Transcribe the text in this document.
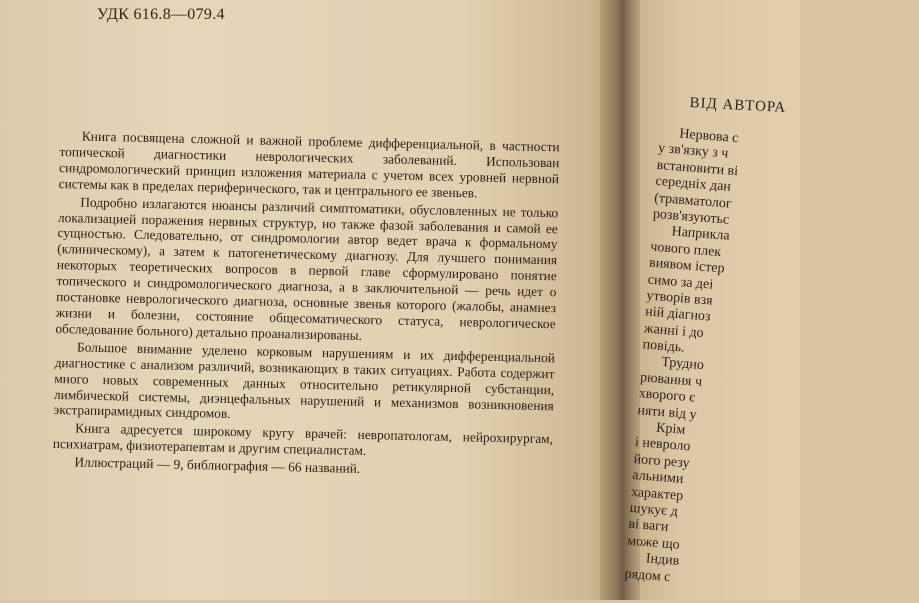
УДК 616.8—079.4

Книга посвящена сложной и важной проблеме дифференциальной, в частности топической диагностики неврологических заболеваний. Использован синдромологический принцип изложения материала с учетом всех уровней нервной системы как в пределах периферического, так и центрального ее звеньев.

Подробно излагаются нюансы различий симптоматики, обусловленных не только локализацией поражения нервных структур, но также фазой заболевания и самой ее сущностью. Следовательно, от синдромологии автор ведет врача к формальному (клиническому), а затем к патогенетическому диагнозу. Для лучшего понимания некоторых теоретических вопросов в первой главе сформулировано понятие топического и синдромологического диагноза, а в заключительной — речь идет о постановке неврологического диагноза, основные звенья которого (жалобы, анамнез жизни и болезни, состояние общесоматического статуса, неврологическое обследование больного) детально проанализированы.

Большое внимание уделено корковым нарушениям и их дифференциальной диагностике с анализом различий, возникающих в таких ситуациях. Работа содержит много новых современных данных относительно ретикулярной субстанции, лимбической системы, диэнцефальных нарушений и механизмов возникновения экстрапирамидных синдромов.

Книга адресуется широкому кругу врачей: невропатологам, нейрохирургам, психиатрам, физиотерапевтам и другим специалистам.

Иллюстраций — 9, библиография — 66 названий.

ВІД АВТОРА
Нервова с
у зв'язку з ч
встановити ві
середніх дан
(травматолог
розв'язуютьс
Наприкла
чового плек
виявом істер
симо за деі
утворів взя
ній діагноз
жанні і до
повідь.
Трудно
рювання ч
хворого є
няти від у
Крім
і невроло
його резу
альними
характер
шукує д
ві ваги
може що
Індив
рядом с
